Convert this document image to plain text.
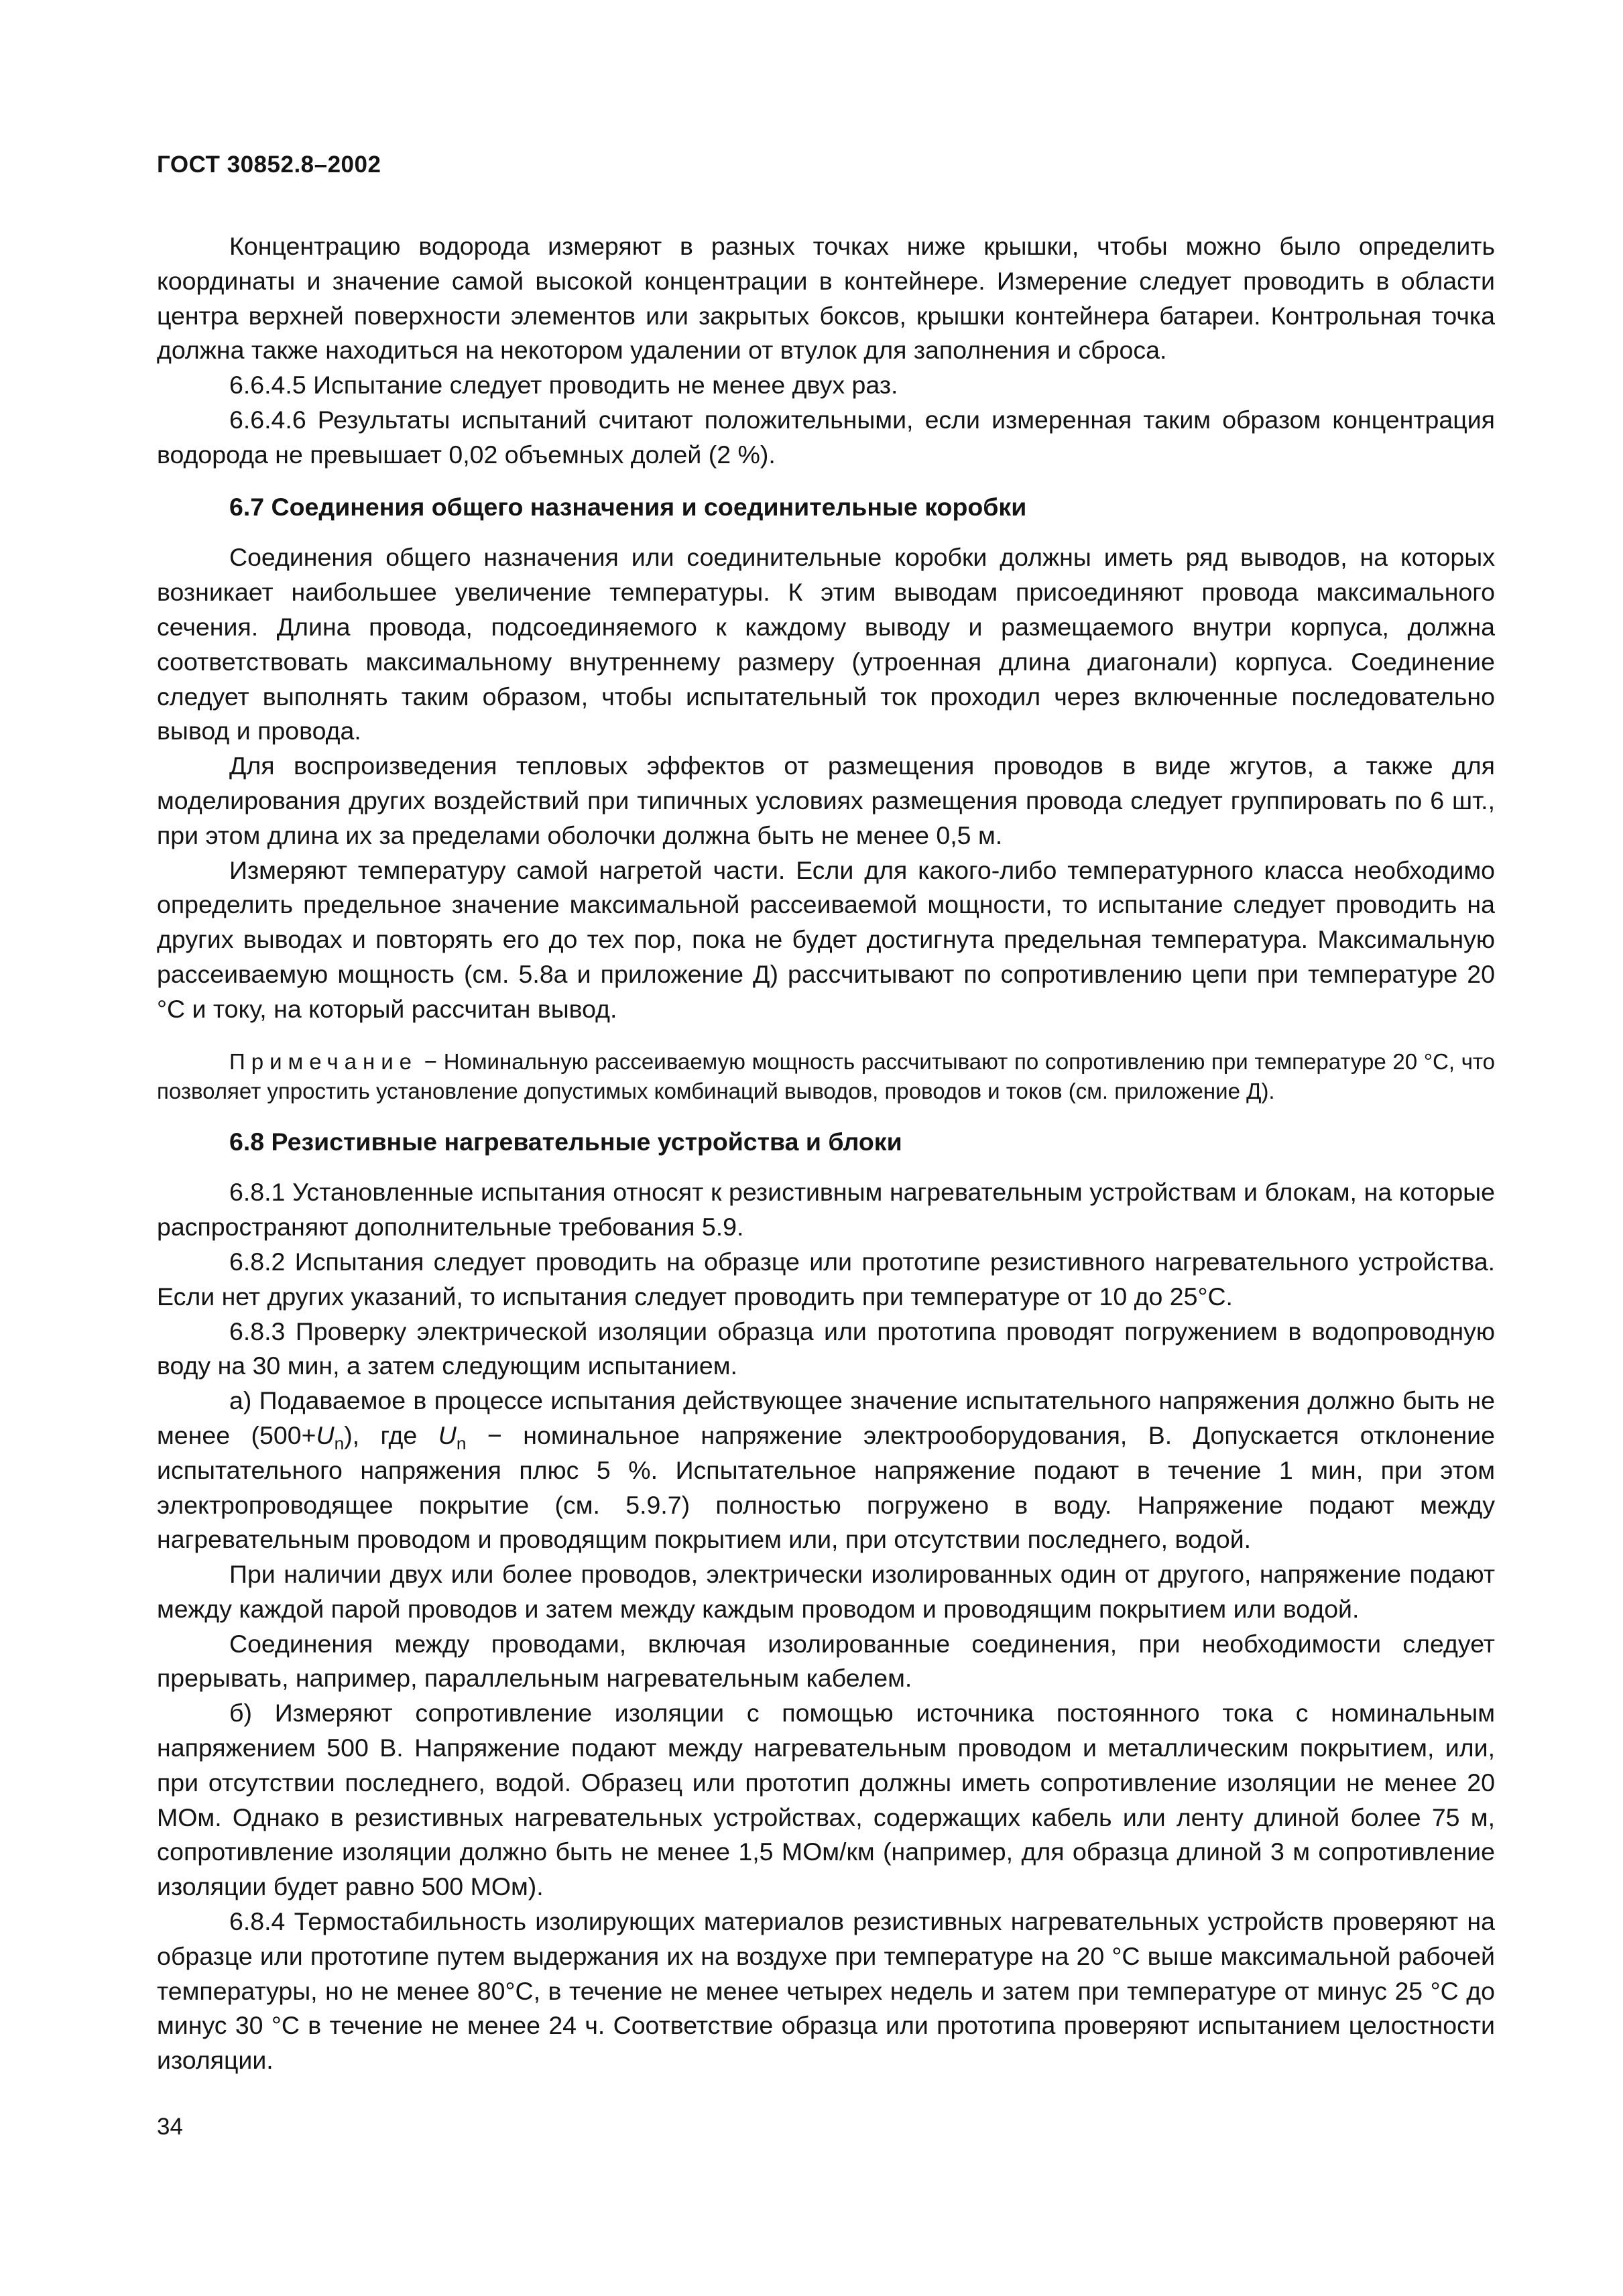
ГОСТ 30852.8–2002

Концентрацию водорода измеряют в разных точках ниже крышки, чтобы можно было определить координаты и значение самой высокой концентрации в контейнере. Измерение следует проводить в области центра верхней поверхности элементов или закрытых боксов, крышки контейнера батареи. Контрольная точка должна также находиться на некотором удалении от втулок для заполнения и сброса.

6.6.4.5 Испытание следует проводить не менее двух раз.

6.6.4.6 Результаты испытаний считают положительными, если измеренная таким образом концентрация водорода не превышает 0,02 объемных долей (2 %).

6.7 Соединения общего назначения и соединительные коробки

Соединения общего назначения или соединительные коробки должны иметь ряд выводов, на которых возникает наибольшее увеличение температуры. К этим выводам присоединяют провода максимального сечения. Длина провода, подсоединяемого к каждому выводу и размещаемого внутри корпуса, должна соответствовать максимальному внутреннему размеру (утроенная длина диагонали) корпуса. Соединение следует выполнять таким образом, чтобы испытательный ток проходил через включенные последовательно вывод и провода.

Для воспроизведения тепловых эффектов от размещения проводов в виде жгутов, а также для моделирования других воздействий при типичных условиях размещения провода следует группировать по 6 шт., при этом длина их за пределами оболочки должна быть не менее 0,5 м.

Измеряют температуру самой нагретой части. Если для какого-либо температурного класса необходимо определить предельное значение максимальной рассеиваемой мощности, то испытание следует проводить на других выводах и повторять его до тех пор, пока не будет достигнута предельная температура. Максимальную рассеиваемую мощность (см. 5.8а и приложение Д) рассчитывают по сопротивлению цепи при температуре 20 °С и току, на который рассчитан вывод.

Примечание − Номинальную рассеиваемую мощность рассчитывают по сопротивлению при температуре 20 °С, что позволяет упростить установление допустимых комбинаций выводов, проводов и токов (см. приложение Д).

6.8 Резистивные нагревательные устройства и блоки

6.8.1 Установленные испытания относят к резистивным нагревательным устройствам и блокам, на которые распространяют дополнительные требования 5.9.

6.8.2 Испытания следует проводить на образце или прототипе резистивного нагревательного устройства. Если нет других указаний, то испытания следует проводить при температуре от 10 до 25°С.

6.8.3 Проверку электрической изоляции образца или прототипа проводят погружением в водопроводную воду на 30 мин, а затем следующим испытанием.

а) Подаваемое в процессе испытания действующее значение испытательного напряжения должно быть не менее $(500+U_n)$, где $U_n$ − номинальное напряжение электрооборудования, В. Допускается отклонение испытательного напряжения плюс 5 %. Испытательное напряжение подают в течение 1 мин, при этом электропроводящее покрытие (см. 5.9.7) полностью погружено в воду. Напряжение подают между нагревательным проводом и проводящим покрытием или, при отсутствии последнего, водой.

При наличии двух или более проводов, электрически изолированных один от другого, напряжение подают между каждой парой проводов и затем между каждым проводом и проводящим покрытием или водой.

Соединения между проводами, включая изолированные соединения, при необходимости следует прерывать, например, параллельным нагревательным кабелем.

б) Измеряют сопротивление изоляции с помощью источника постоянного тока с номинальным напряжением 500 В. Напряжение подают между нагревательным проводом и металлическим покрытием, или, при отсутствии последнего, водой. Образец или прототип должны иметь сопротивление изоляции не менее 20 МОм. Однако в резистивных нагревательных устройствах, содержащих кабель или ленту длиной более 75 м, сопротивление изоляции должно быть не менее 1,5 МОм/км (например, для образца длиной 3 м сопротивление изоляции будет равно 500 МОм).

6.8.4 Термостабильность изолирующих материалов резистивных нагревательных устройств проверяют на образце или прототипе путем выдержания их на воздухе при температуре на 20 °С выше максимальной рабочей температуры, но не менее 80°С, в течение не менее четырех недель и затем при температуре от минус 25 °С до минус 30 °С в течение не менее 24 ч. Соответствие образца или прототипа проверяют испытанием целостности изоляции.

34
